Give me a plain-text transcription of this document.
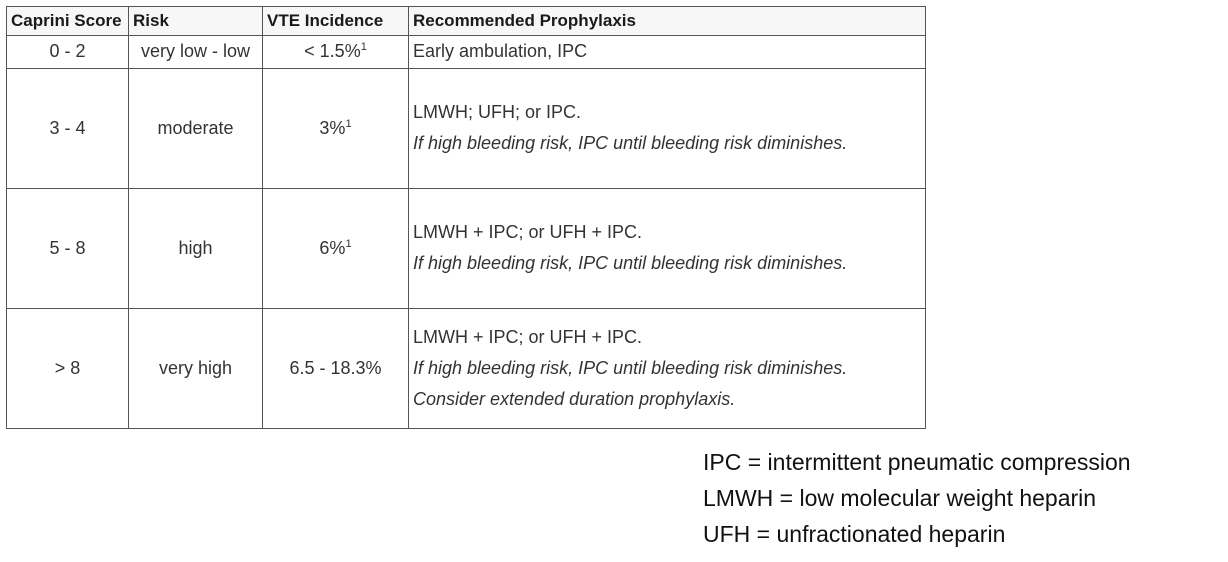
Caprini Score	Risk	VTE Incidence	Recommended Prophylaxis
0 - 2	very low - low	< 1.5%$^1$	Early ambulation, IPC

3 - 4	moderate	3%$^1$	LMWH; UFH; or IPC.
If high bleeding risk, IPC until bleeding risk diminishes.

5 - 8	high	6%$^1$	LMWH + IPC; or UFH + IPC.
If high bleeding risk, IPC until bleeding risk diminishes.

> 8	very high	6.5 - 18.3%	LMWH + IPC; or UFH + IPC.
If high bleeding risk, IPC until bleeding risk diminishes.
Consider extended duration prophylaxis.
IPC = intermittent pneumatic compression
LMWH = low molecular weight heparin
UFH = unfractionated heparin
